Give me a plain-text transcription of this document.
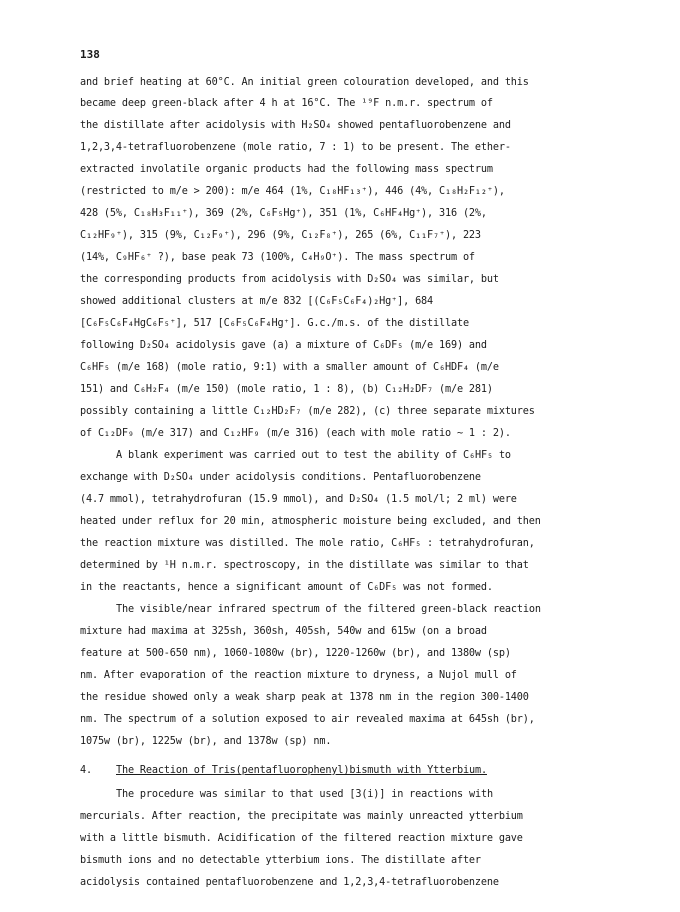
138
and brief heating at 60°C. An initial green colouration developed, and this
became deep green-black after 4 h at 16°C. The ¹⁹F n.m.r. spectrum of
the distillate after acidolysis with H₂SO₄ showed pentafluorobenzene and
1,2,3,4-tetrafluorobenzene (mole ratio, 7 : 1) to be present. The ether-
extracted involatile organic products had the following mass spectrum
(restricted to m/e > 200): m/e 464 (1%, C₁₈HF₁₃⁺), 446 (4%, C₁₈H₂F₁₂⁺),
428 (5%, C₁₈H₃F₁₁⁺), 369 (2%, C₆F₅Hg⁺), 351 (1%, C₆HF₄Hg⁺), 316 (2%,
C₁₂HF₉⁺), 315 (9%, C₁₂F₉⁺), 296 (9%, C₁₂F₈⁺), 265 (6%, C₁₁F₇⁺), 223
(14%, C₉HF₆⁺ ?), base peak 73 (100%, C₄H₉O⁺). The mass spectrum of
the corresponding products from acidolysis with D₂SO₄ was similar, but
showed additional clusters at m/e 832 [(C₆F₅C₆F₄)₂Hg⁺], 684
[C₆F₅C₆F₄HgC₆F₅⁺], 517 [C₆F₅C₆F₄Hg⁺]. G.c./m.s. of the distillate
following D₂SO₄ acidolysis gave (a) a mixture of C₆DF₅ (m/e 169) and
C₆HF₅ (m/e 168) (mole ratio, 9:1) with a smaller amount of C₆HDF₄ (m/e
151) and C₆H₂F₄ (m/e 150) (mole ratio, 1 : 8), (b) C₁₂H₂DF₇ (m/e 281)
possibly containing a little C₁₂HD₂F₇ (m/e 282), (c) three separate mixtures
of C₁₂DF₉ (m/e 317) and C₁₂HF₉ (m/e 316) (each with mole ratio ~ 1 : 2).
A blank experiment was carried out to test the ability of C₆HF₅ to
exchange with D₂SO₄ under acidolysis conditions. Pentafluorobenzene
(4.7 mmol), tetrahydrofuran (15.9 mmol), and D₂SO₄ (1.5 mol/l; 2 ml) were
heated under reflux for 20 min, atmospheric moisture being excluded, and then
the reaction mixture was distilled. The mole ratio, C₆HF₅ : tetrahydrofuran,
determined by ¹H n.m.r. spectroscopy, in the distillate was similar to that
in the reactants, hence a significant amount of C₆DF₅ was not formed.
The visible/near infrared spectrum of the filtered green-black reaction
mixture had maxima at 325sh, 360sh, 405sh, 540w and 615w (on a broad
feature at 500-650 nm), 1060-1080w (br), 1220-1260w (br), and 1380w (sp)
nm. After evaporation of the reaction mixture to dryness, a Nujol mull of
the residue showed only a weak sharp peak at 1378 nm in the region 300-1400
nm. The spectrum of a solution exposed to air revealed maxima at 645sh (br),
1075w (br), 1225w (br), and 1378w (sp) nm.
4. The Reaction of Tris(pentafluorophenyl)bismuth with Ytterbium.
The procedure was similar to that used [3(i)] in reactions with
mercurials. After reaction, the precipitate was mainly unreacted ytterbium
with a little bismuth. Acidification of the filtered reaction mixture gave
bismuth ions and no detectable ytterbium ions. The distillate after
acidolysis contained pentafluorobenzene and 1,2,3,4-tetrafluorobenzene
